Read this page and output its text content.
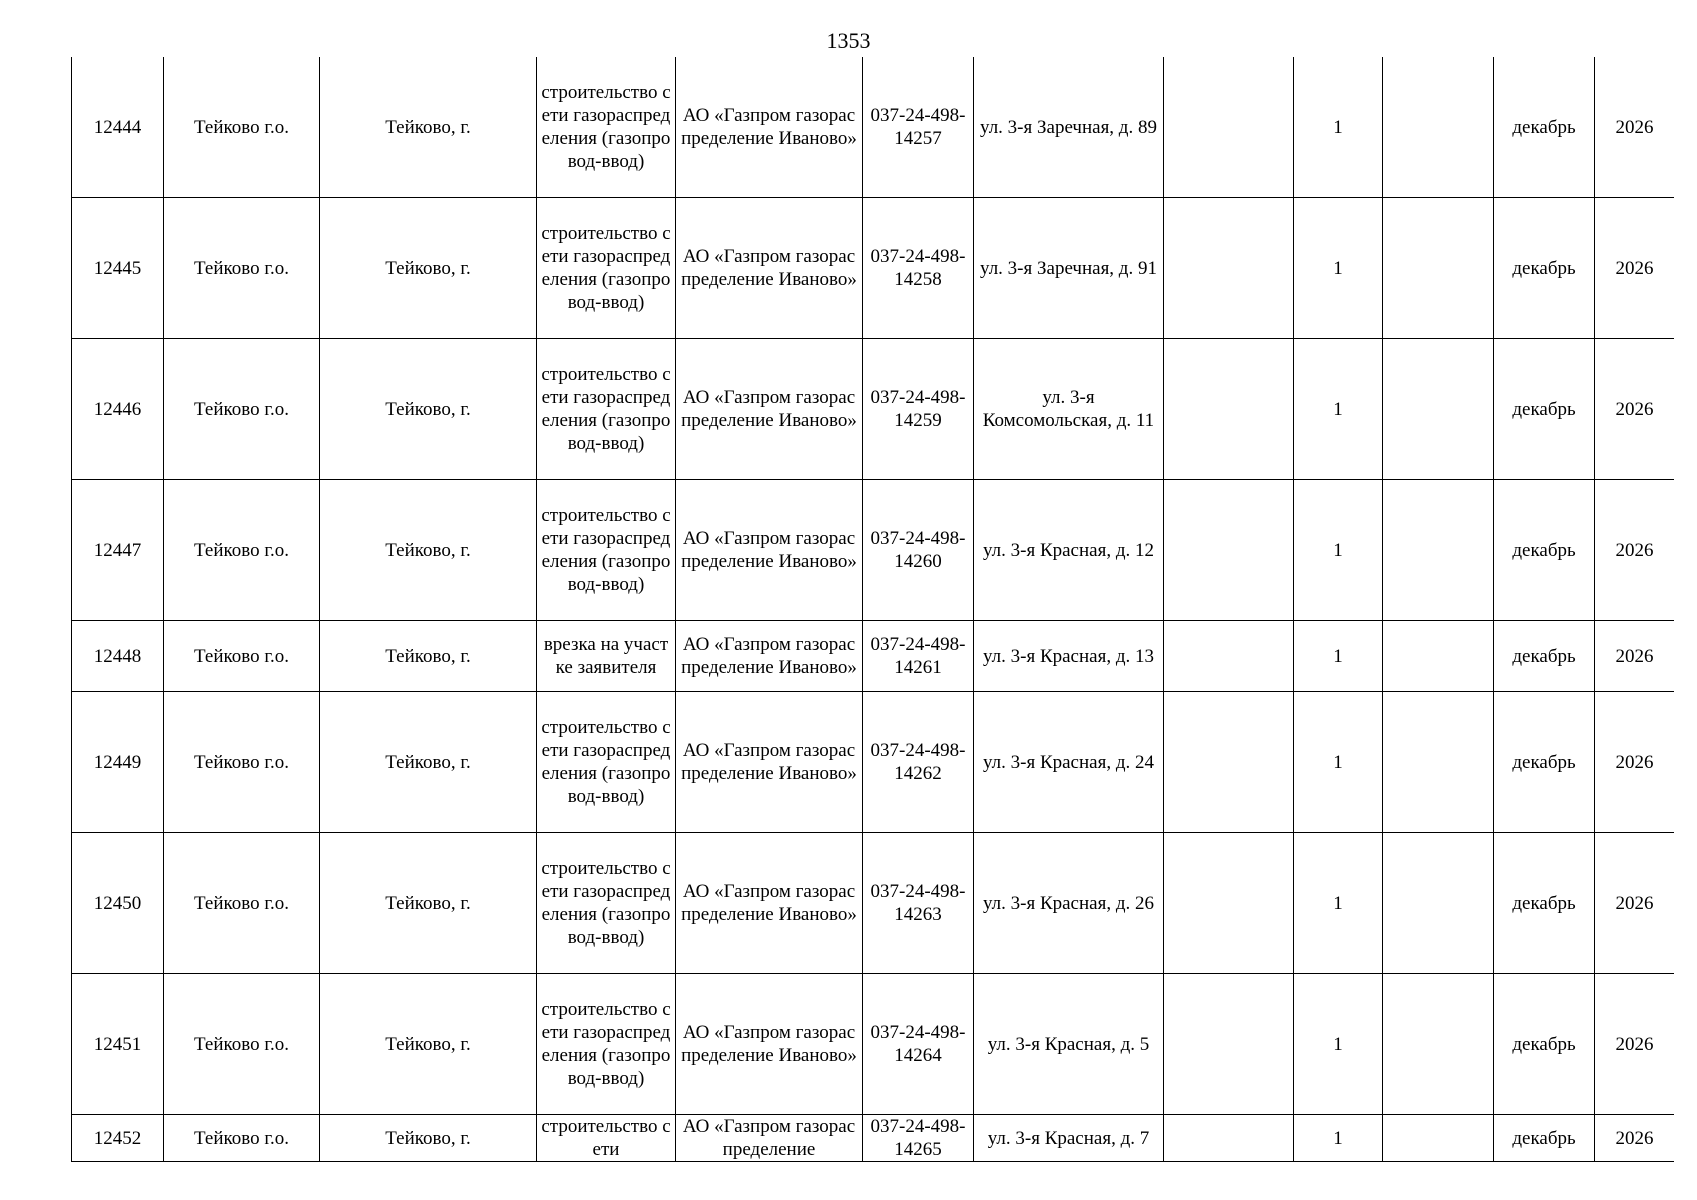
1353
12444	Тейково г.о.	Тейково, г.	строительство сети газораспределения (газопровод-ввод)	АО «Газпром газораспределение Иваново»	037-24-498-14257	ул. 3-я Заречная, д. 89		1		декабрь	2026
12445	Тейково г.о.	Тейково, г.	строительство сети газораспределения (газопровод-ввод)	АО «Газпром газораспределение Иваново»	037-24-498-14258	ул. 3-я Заречная, д. 91		1		декабрь	2026
12446	Тейково г.о.	Тейково, г.	строительство сети газораспределения (газопровод-ввод)	АО «Газпром газораспределение Иваново»	037-24-498-14259	ул. 3-я Комсомольская, д. 11		1		декабрь	2026
12447	Тейково г.о.	Тейково, г.	строительство сети газораспределения (газопровод-ввод)	АО «Газпром газораспределение Иваново»	037-24-498-14260	ул. 3-я Красная, д. 12		1		декабрь	2026
12448	Тейково г.о.	Тейково, г.	врезка на участке заявителя	АО «Газпром газораспределение Иваново»	037-24-498-14261	ул. 3-я Красная, д. 13		1		декабрь	2026
12449	Тейково г.о.	Тейково, г.	строительство сети газораспределения (газопровод-ввод)	АО «Газпром газораспределение Иваново»	037-24-498-14262	ул. 3-я Красная, д. 24		1		декабрь	2026
12450	Тейково г.о.	Тейково, г.	строительство сети газораспределения (газопровод-ввод)	АО «Газпром газораспределение Иваново»	037-24-498-14263	ул. 3-я Красная, д. 26		1		декабрь	2026
12451	Тейково г.о.	Тейково, г.	строительство сети газораспределения (газопровод-ввод)	АО «Газпром газораспределение Иваново»	037-24-498-14264	ул. 3-я Красная, д. 5		1		декабрь	2026
12452	Тейково г.о.	Тейково, г.	строительство сети	АО «Газпром газораспределение	037-24-498-14265	ул. 3-я Красная, д. 7		1		декабрь	2026
